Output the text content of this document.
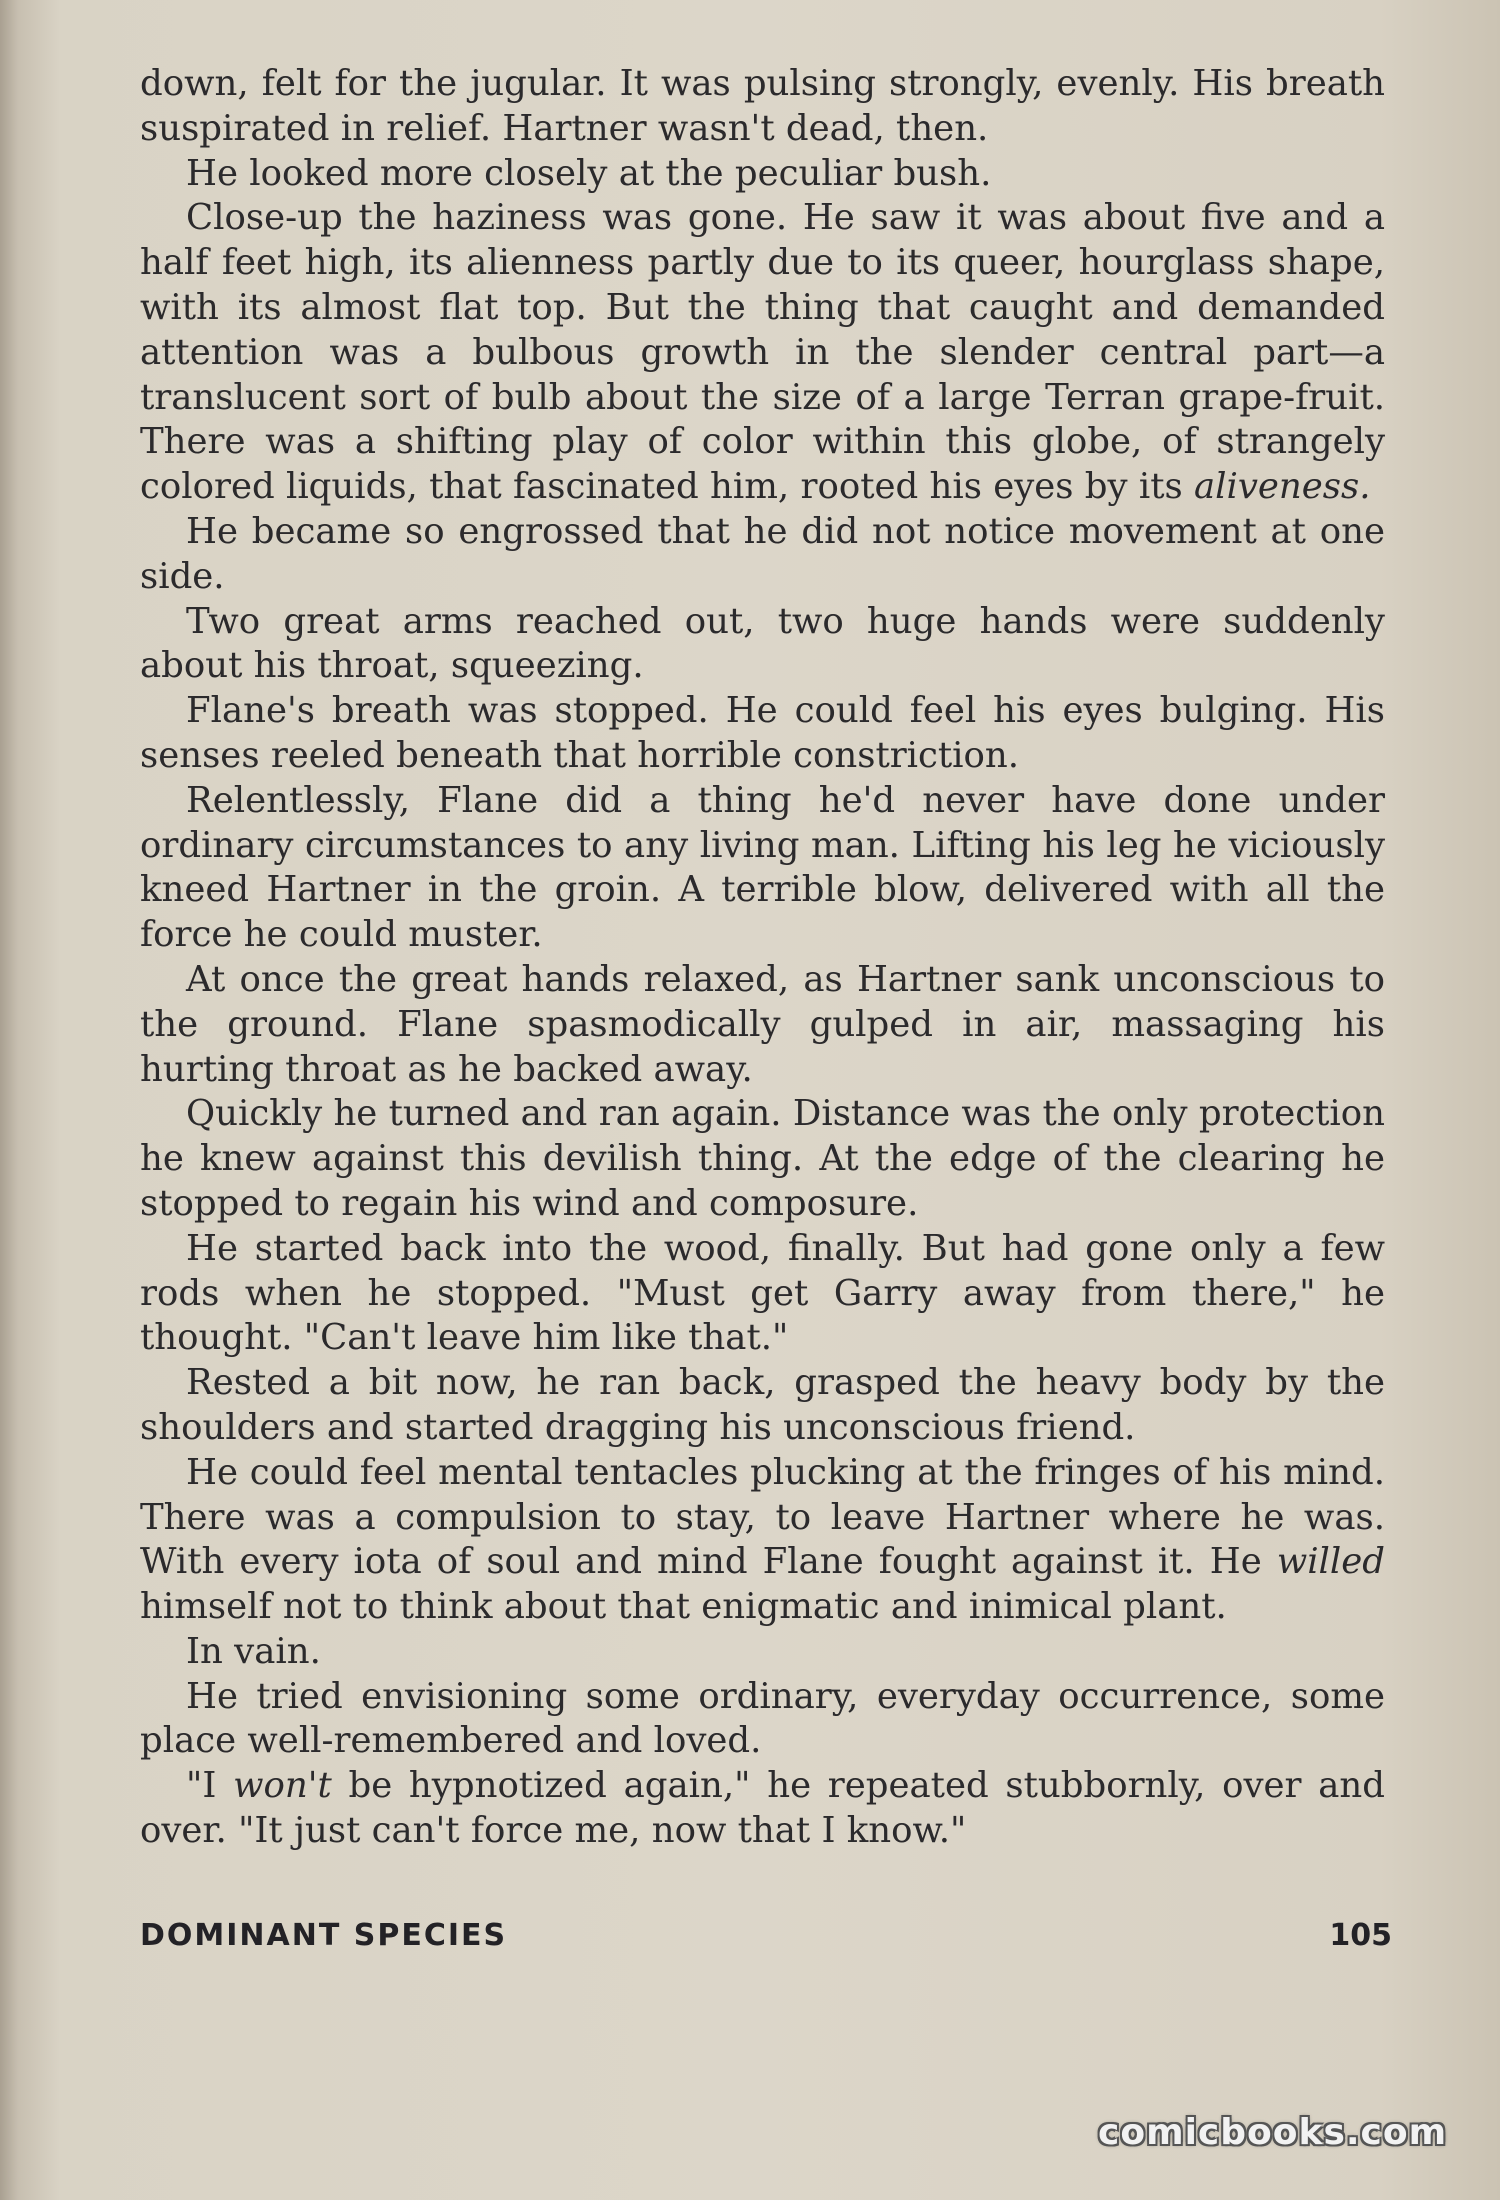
down, felt for the jugular. It was pulsing strongly, evenly. His breath suspirated in relief. Hartner wasn't dead, then.

He looked more closely at the peculiar bush.

Close-up the haziness was gone. He saw it was about five and a half feet high, its alienness partly due to its queer, hourglass shape, with its almost flat top. But the thing that caught and demanded attention was a bulbous growth in the slender central part—a translucent sort of bulb about the size of a large Terran grape-fruit. There was a shifting play of color within this globe, of strangely colored liquids, that fascinated him, rooted his eyes by its aliveness.

He became so engrossed that he did not notice movement at one side.

Two great arms reached out, two huge hands were suddenly about his throat, squeezing.

Flane's breath was stopped. He could feel his eyes bulging. His senses reeled beneath that horrible constriction.

Relentlessly, Flane did a thing he'd never have done under ordinary circumstances to any living man. Lifting his leg he viciously kneed Hartner in the groin. A terrible blow, delivered with all the force he could muster.

At once the great hands relaxed, as Hartner sank unconscious to the ground. Flane spasmodically gulped in air, massaging his hurting throat as he backed away.

Quickly he turned and ran again. Distance was the only protection he knew against this devilish thing. At the edge of the clearing he stopped to regain his wind and composure.

He started back into the wood, finally. But had gone only a few rods when he stopped. "Must get Garry away from there," he thought. "Can't leave him like that."

Rested a bit now, he ran back, grasped the heavy body by the shoulders and started dragging his unconscious friend.

He could feel mental tentacles plucking at the fringes of his mind. There was a compulsion to stay, to leave Hartner where he was. With every iota of soul and mind Flane fought against it. He willed himself not to think about that enigmatic and inimical plant.

In vain.

He tried envisioning some ordinary, everyday occurrence, some place well-remembered and loved.

"I won't be hypnotized again," he repeated stubbornly, over and over. "It just can't force me, now that I know."

DOMINANT SPECIES	105
comicbooks.com
